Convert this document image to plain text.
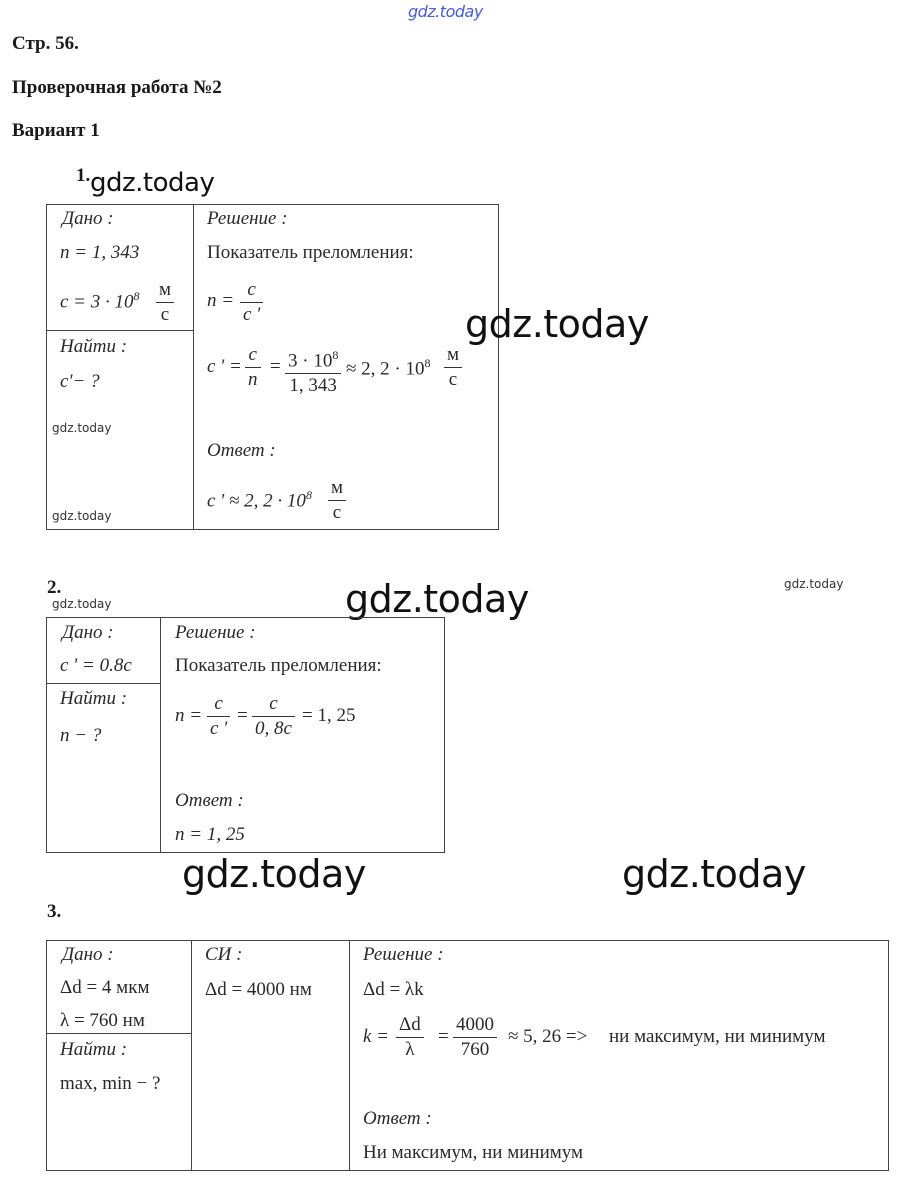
gdz.today
Стр. 56.
Проверочная работа №2
Вариант 1
1. gdz.today
Дано :
n = 1, 343
$c = 3 \cdot 10^8$ м
с
Найти :
c'− ?
gdz.today
gdz.today
Решение :
Показатель преломления:
$n = \frac{c}{c '}$
c ' = $\frac{c}{n} = \frac{3 \cdot 10^8}{1, 343} \approx 2$, $2 \cdot 10^8$ м
с
Ответ :
c ' ≈ 2, $2 \cdot 10^8$ м
с
gdz.today
2.
gdz.today	gdz.today	gdz.today
Дано :
c ' = 0.8c
Найти :
n − ?
Решение :
Показатель преломления:
$n = \frac{c}{c '} = \frac{c}{0, 8c} = 1$, 25
Ответ :
n = 1, 25
gdz.today	gdz.today
3.
Дано :
Δd = 4 мкм
λ = 760 нм
Найти :
max, min − ?
СИ :
Δd = 4000 нм
Решение :
Δd = λk
$k = \frac{\Delta d}{\lambda} = \frac{4000}{760} \approx 5$, 26 => ни максимум, ни минимум
Ответ :
Ни максимум, ни минимум
